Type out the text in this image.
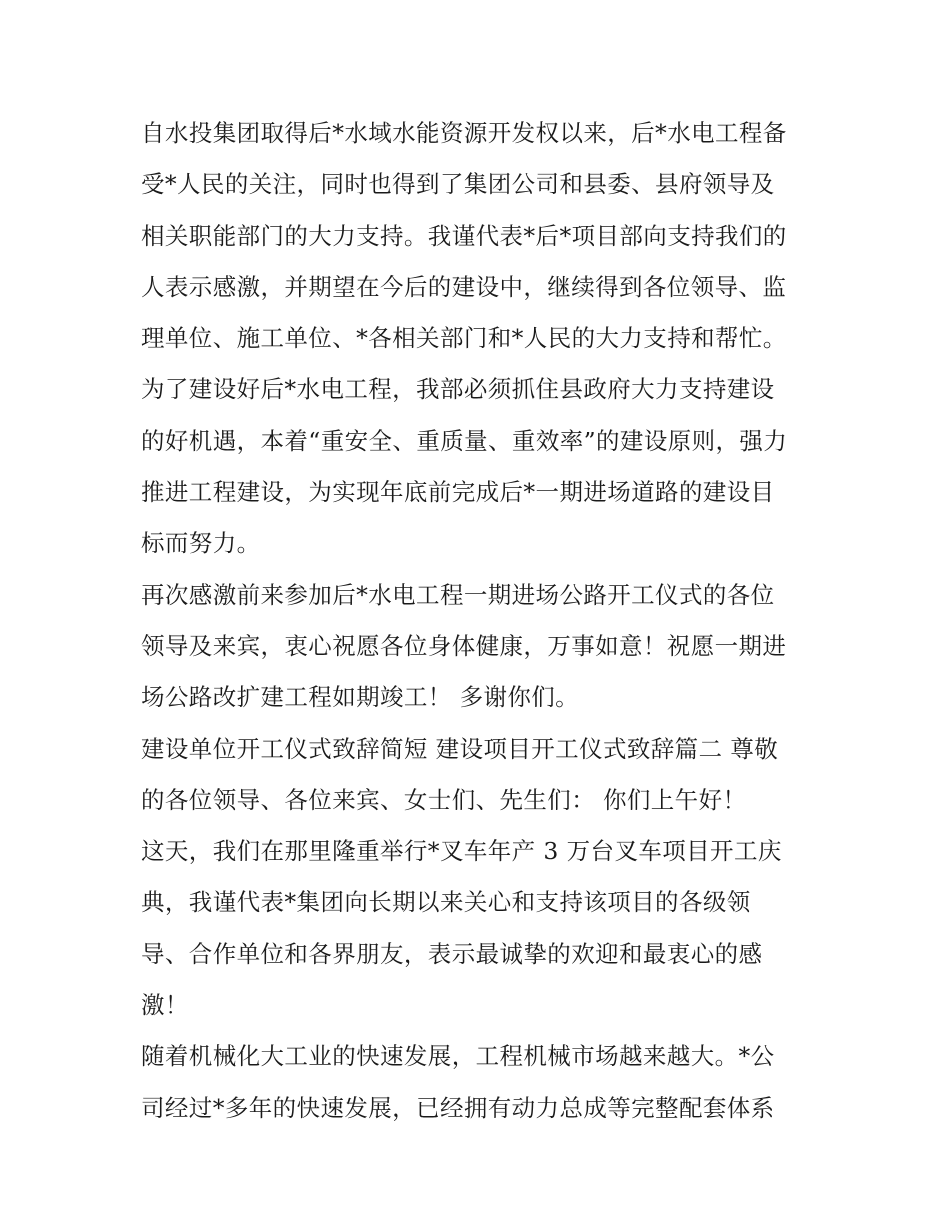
自水投集团取得后*水域水能资源开发权以来，后*水电工程备
受*人民的关注，同时也得到了集团公司和县委、县府领导及
相关职能部门的大力支持。我谨代表*后*项目部向支持我们的
人表示感激，并期望在今后的建设中，继续得到各位领导、监
理单位、施工单位、*各相关部门和*人民的大力支持和帮忙。
为了建设好后*水电工程，我部必须抓住县政府大力支持建设
的好机遇，本着“重安全、重质量、重效率”的建设原则，强力
推进工程建设，为实现年底前完成后*一期进场道路的建设目
标而努力。
再次感激前来参加后*水电工程一期进场公路开工仪式的各位
领导及来宾，衷心祝愿各位身体健康，万事如意！祝愿一期进
场公路改扩建工程如期竣工！ 多谢你们。
建设单位开工仪式致辞简短 建设项目开工仪式致辞篇二 尊敬
的各位领导、各位来宾、女士们、先生们： 你们上午好！
这天，我们在那里隆重举行*叉车年产 3 万台叉车项目开工庆
典，我谨代表*集团向长期以来关心和支持该项目的各级领
导、合作单位和各界朋友，表示最诚挚的欢迎和最衷心的感
激！
随着机械化大工业的快速发展，工程机械市场越来越大。*公
司经过*多年的快速发展，已经拥有动力总成等完整配套体系
